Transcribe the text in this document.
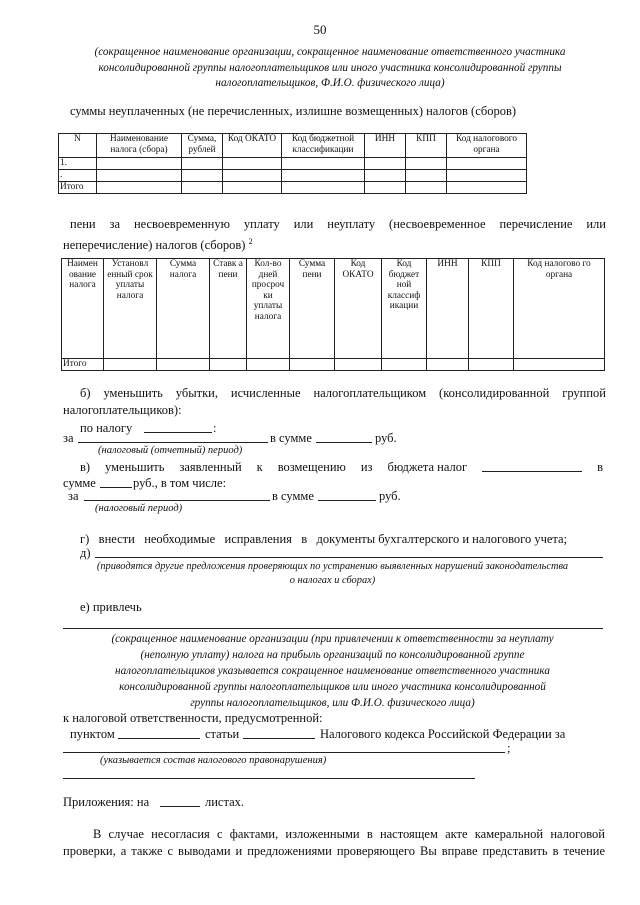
50
(сокращенное наименование организации, сокращенное наименование ответственного участника
консолидированной группы налогоплательщиков или иного участника консолидированной группы
налогоплательщиков, Ф.И.О. физического лица)
суммы неуплаченных (не перечисленных, излишне возмещенных) налогов (сборов)
N	Наименование налога (сбора)	Сумма, рублей	Код ОКАТО	Код бюджетной классификации	ИНН	КПП	Код налогового органа
1.							
.							
Итого							
пени за несвоевременную уплату или неуплату (несвоевременное перечисление или
неперечисление) налогов (сборов) $^2$
Наимен ование налога	Установл енный срок уплаты налога	Сумма налога	Ставк а пени	Кол-во дней просроч ки уплаты налога	Сумма пени	Код ОКАТО	Код бюджет ной классиф икации	ИНН	КПП	Код налогово го органа
Итого										
б) уменьшить убытки, исчисленные налогоплательщиком (консолидированной группой
налогоплательщиков):
по налогу	:
за	в сумме	руб.
(налоговый (отчетный) период)
в) уменьшить заявленный к возмещению из бюджета налог	в
сумме	руб., в том числе:
за	в сумме	руб.
(налоговый период)
г)   внести   необходимые   исправления   в   документы бухгалтерского и налогового учета;
д)
(приводятся другие предложения проверяющих по устранению выявленных нарушений законодательства
о налогах и сборах)
е) привлечь
(сокращенное наименование организации (при привлечении к ответственности за неуплату
(неполную уплату) налога на прибыль организаций по консолидированной группе
налогоплательщиков указывается сокращенное наименование ответственного участника
консолидированной группы налогоплательщиков или иного участника консолидированной
группы налогоплательщиков, или Ф.И.О. физического лица)
к налоговой ответственности, предусмотренной:
пунктом	статьи	Налогового кодекса Российской Федерации за
;
(указывается состав налогового правонарушения)
Приложения: на	листах.
В случае несогласия с фактами, изложенными в настоящем акте камеральной налоговой
проверки, а также с выводами и предложениями проверяющего Вы вправе представить в течение
